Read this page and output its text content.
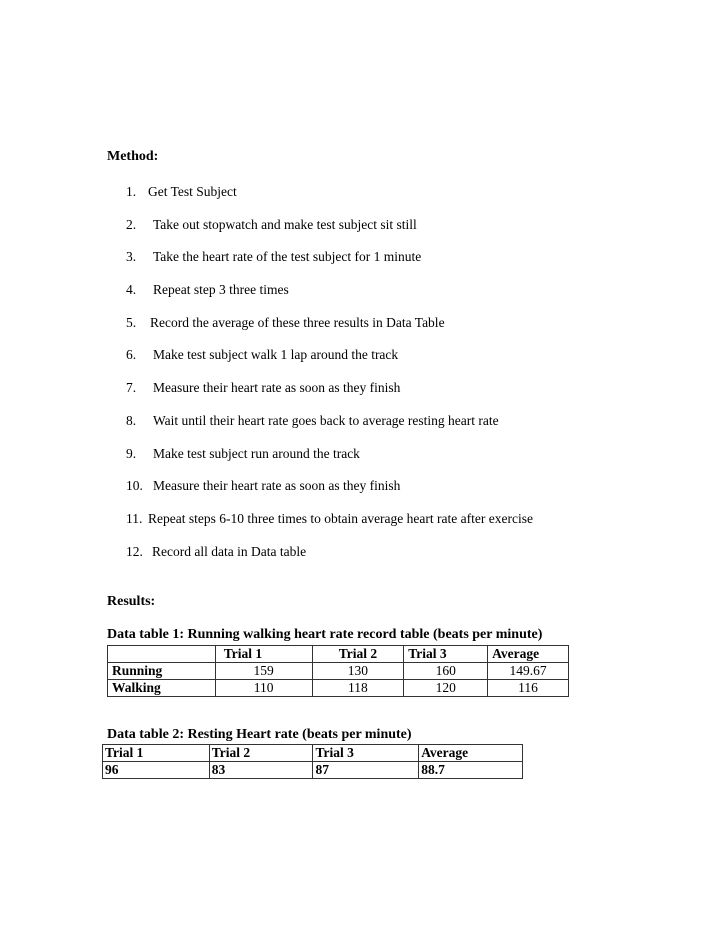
Method:
1. Get Test Subject
2. Take out stopwatch and make test subject sit still
3. Take the heart rate of the test subject for 1 minute
4. Repeat step 3 three times
5. Record the average of these three results in Data Table
6. Make test subject walk 1 lap around the track
7. Measure their heart rate as soon as they finish
8. Wait until their heart rate goes back to average resting heart rate
9. Make test subject run around the track
10. Measure their heart rate as soon as they finish
11. Repeat steps 6-10 three times to obtain average heart rate after exercise
12. Record all data in Data table
Results:
Data table 1: Running walking heart rate record table (beats per minute)
	Trial 1	Trial 2	Trial 3	Average
Running	159	130	160	149.67
Walking	110	118	120	116
Data table 2: Resting Heart rate (beats per minute)
Trial 1	Trial 2	Trial 3	Average
96	83	87	88.7
